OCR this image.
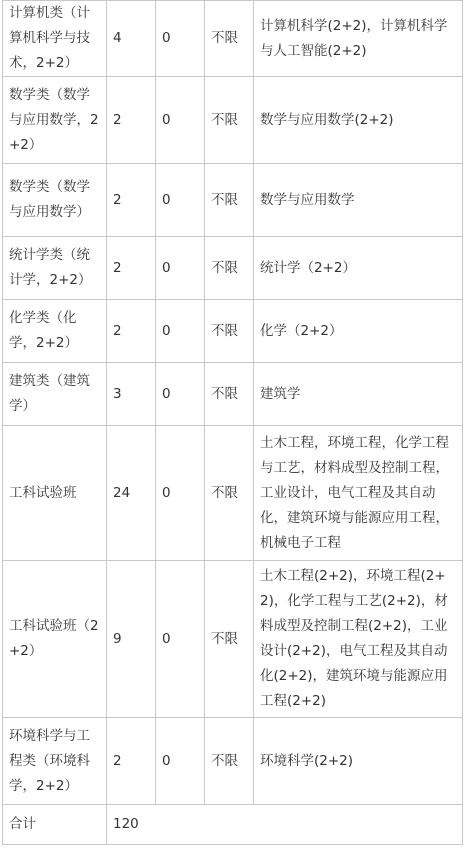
计算机类（计算机科学与技术，2+2）	4	0	不限	计算机科学(2+2)，计算机科学与人工智能(2+2)
数学类（数学与应用数学，2+2）	2	0	不限	数学与应用数学(2+2)
数学类（数学与应用数学）	2	0	不限	数学与应用数学
统计学类（统计学，2+2）	2	0	不限	统计学（2+2）
化学类（化学，2+2）	2	0	不限	化学（2+2）
建筑类（建筑学）	3	0	不限	建筑学
工科试验班	24	0	不限	土木工程，环境工程，化学工程与工艺，材料成型及控制工程，工业设计，电气工程及其自动化，建筑环境与能源应用工程，机械电子工程
工科试验班（2+2）	9	0	不限	土木工程(2+2)，环境工程(2+2)，化学工程与工艺(2+2)，材料成型及控制工程(2+2)，工业设计(2+2)，电气工程及其自动化(2+2)，建筑环境与能源应用工程(2+2)
环境科学与工程类（环境科学，2+2）	2	0	不限	环境科学(2+2)
合计	120			
